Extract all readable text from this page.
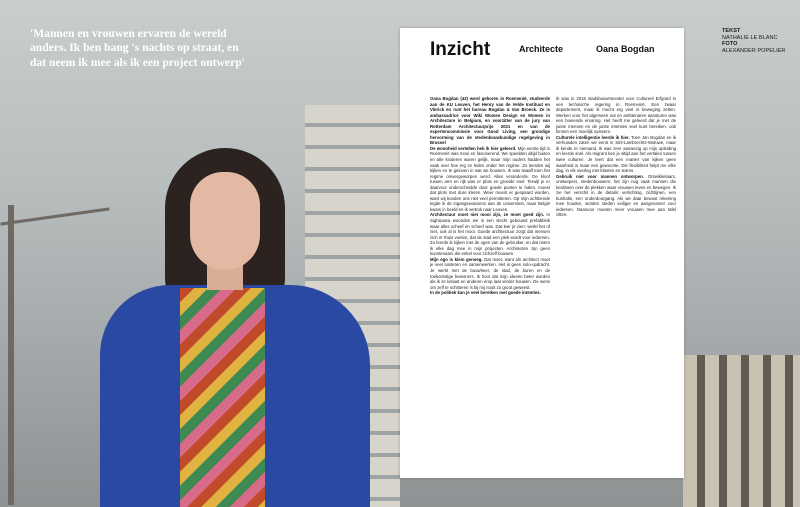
'Mannen en vrouwen ervaren de wereld anders. Ik ben bang 's nachts op straat, en dat neem ik mee als ik een project ontwerp'
TEKST
NATHALIE LE BLANC
FOTO
ALEXANDER POPELIER
Inzicht	Architecte	Oana Bogdan

Oana Bogdan (43) werd geboren in Roemenië, studeerde aan de KU Leuven, het Henry van de Velde Instituut en Vlerick en runt het bureau Bogdan & Van Broeck. Ze is ambassadrice voor Wiki Women Design en Women in Architecture in Belgium, en voorzitter van de jury van Rotterdam Architectuurprijs 2021 en van de expertencommissie voor Good Living, een grondige hervorming van de stedenbouwkundige regelgeving in Brussel

De woonheid vertellen heb ik hier geleerd. Mijn eerste tijd in Roemenië was mooi en fascinerend. We speelden altijd buiten en alle kinderen waren gelijk, maar mijn ouders hadden het vaak over hoe erg ze leden onder het regime. Zo leerden wij kijken en te geloven in wat we bouwen. Ik was twaalf toen het regime omvergeworpen werd. Alles veranderde. De kloof tussen arm en rijk was er plots en groeide snel. Terwijl je er daarvoor onderscheidde door goede punten te halen, moest dat plots met dure kleren. Weer moest er gespaard worden, want wij konden ons niet veel permitteren. Op mijn achttiende legde ik de ingangsexamens aan de universiteit, maar België kwam in beeld en ik vertrok naar Leuven.

Architectuur moet niet mooi zijn, ze moet goed zijn. In Sighișoara woonden we in een slecht gebouwd prefabblok waar alles scheef en scheef was. Dat leer je zien: werkt het of niet, ook al is het mooi. Goede architectuur zorgt dat mensen zich er thuis voelen, dat de stad een plek wordt voor iedereen. Zo leerde ik kijken met de ogen van de gebruiker, en dat neem ik elke dag mee in mijn projecten. Architecten zijn geen kunstenaars die enkel voor zichzelf bouwen.

Mijn ego is klein genoeg. Dat moet, want als architect moet je veel luisteren en samenwerken. Het is geen solo-opdracht. Je werkt met de bouwheer, de stad, de buren en de toekomstige bewoners. Ik hoor dat mijn ideeën beter worden als ik ze loslaat en anderen erop laat verder bouwen. De wens om zelf te schitteren is bij mij nooit zo groot geweest.

In de politiek kan je veel bereiken met goede intenties.

Ik was in 2016 stadsbouwmeester voor Cultureel Erfgoed in een technische regering in Roemenië. Een zwaar departement, maar ik mocht erg veel in beweging zetten. Werken voor het algemeen nut en ambtenaren aansturen was een boeiende ervaring. Het heeft me geleerd dat je met de juiste mensen en de juiste intenties veel kunt bereiken, ook binnen een moeilijk systeem.

Culturele intelligentie leerde ik hier. Toen Jan Bogdan en ik verhuisden zaten we eerst in Sint-Lambrechts-Woluwe, maar ik kende er niemand. Ik was zeer aanwezig op mijn opleiding en leerde snel. Als migrant ben je altijd aan het vertalen tussen twee culturen. Je leert dat een manier van kijken geen waarheid is maar een gewoonte. Die flexibiliteit helpt me elke dag, in elk overleg met klanten en teams.

Gebruik niet voor mannen ontworpen. Ontwikkelaars, ontwerpers, stedenbouwers: het zijn nog vaak mannen die beslissen over de plekken waar vrouwen leven en bewegen. Ik zie het verschil in de details: verlichting, zichtlijnen, een bushalte, een onderdoorgang. Als we daar bewust rekening mee houden, worden steden veiliger en aangenamer voor iedereen. Daarvoor moeten meer vrouwen mee aan tafel zitten.
